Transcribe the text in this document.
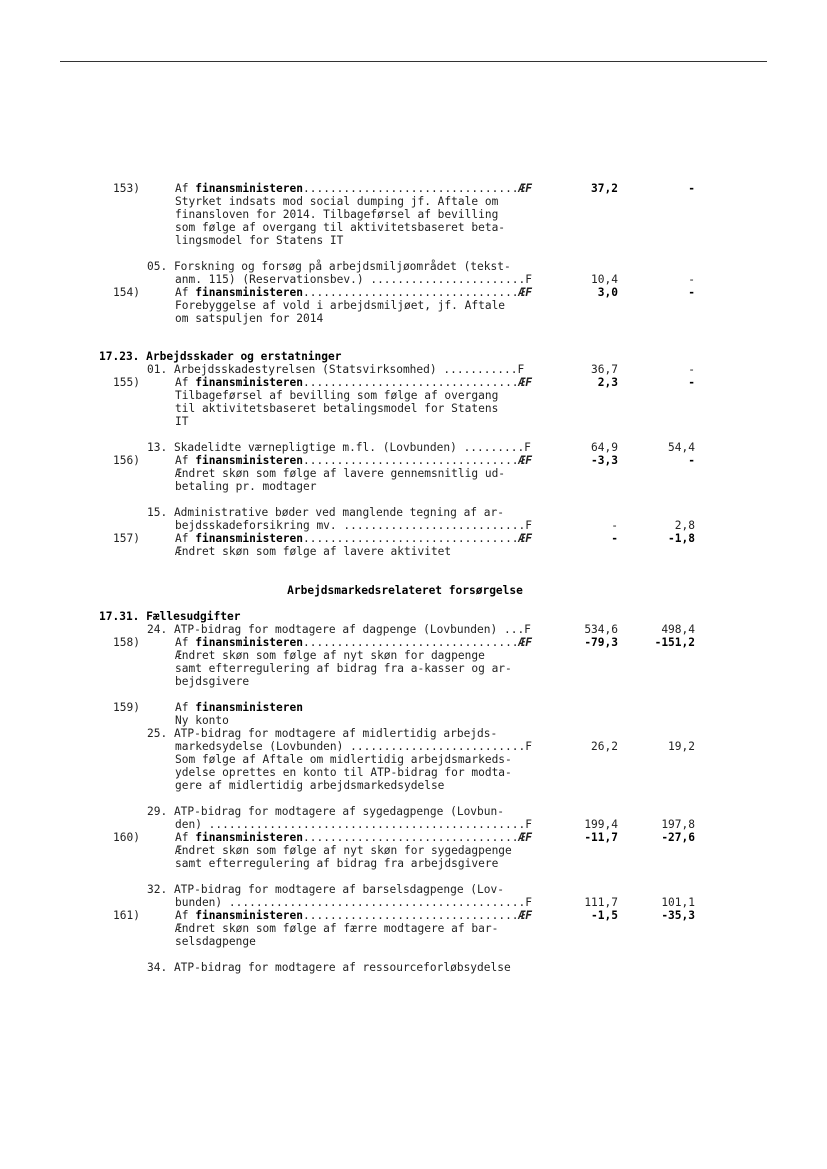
153)	Af finansministeren................................ÆF	37,2	-
Styrket indsats mod social dumping jf. Aftale om
finansloven for 2014. Tilbageførsel af bevilling
som følge af overgang til aktivitetsbaseret beta-
lingsmodel for Statens IT
05. Forskning og forsøg på arbejdsmiljøområdet (tekst-
anm. 115) (Reservationsbev.) .......................F	10,4	-
154)	Af finansministeren................................ÆF	3,0	-
Forebyggelse af vold i arbejdsmiljøet, jf. Aftale
om satspuljen for 2014
17.23. Arbejdsskader og erstatninger
01. Arbejdsskadestyrelsen (Statsvirksomhed) ...........F	36,7	-
155)	Af finansministeren................................ÆF	2,3	-
Tilbageførsel af bevilling som følge af overgang
til aktivitetsbaseret betalingsmodel for Statens
IT
13. Skadelidte værnepligtige m.fl. (Lovbunden) .........F	64,9	54,4
156)	Af finansministeren................................ÆF	-3,3	-
Ændret skøn som følge af lavere gennemsnitlig ud-
betaling pr. modtager
15. Administrative bøder ved manglende tegning af ar-
bejdsskadeforsikring mv. ...........................F	-	2,8
157)	Af finansministeren................................ÆF	-	-1,8
Ændret skøn som følge af lavere aktivitet
Arbejdsmarkedsrelateret forsørgelse
17.31. Fællesudgifter
24. ATP-bidrag for modtagere af dagpenge (Lovbunden) ...F	534,6	498,4
158)	Af finansministeren................................ÆF	-79,3	-151,2
Ændret skøn som følge af nyt skøn for dagpenge
samt efterregulering af bidrag fra a-kasser og ar-
bejdsgivere
159)	Af finansministeren
Ny konto
25. ATP-bidrag for modtagere af midlertidig arbejds-
markedsydelse (Lovbunden) ..........................F	26,2	19,2
Som følge af Aftale om midlertidig arbejdsmarkeds-
ydelse oprettes en konto til ATP-bidrag for modta-
gere af midlertidig arbejdsmarkedsydelse
29. ATP-bidrag for modtagere af sygedagpenge (Lovbun-
den) ...............................................F	199,4	197,8
160)	Af finansministeren................................ÆF	-11,7	-27,6
Ændret skøn som følge af nyt skøn for sygedagpenge
samt efterregulering af bidrag fra arbejdsgivere
32. ATP-bidrag for modtagere af barselsdagpenge (Lov-
bunden) ............................................F	111,7	101,1
161)	Af finansministeren................................ÆF	-1,5	-35,3
Ændret skøn som følge af færre modtagere af bar-
selsdagpenge
34. ATP-bidrag for modtagere af ressourceforløbsydelse
